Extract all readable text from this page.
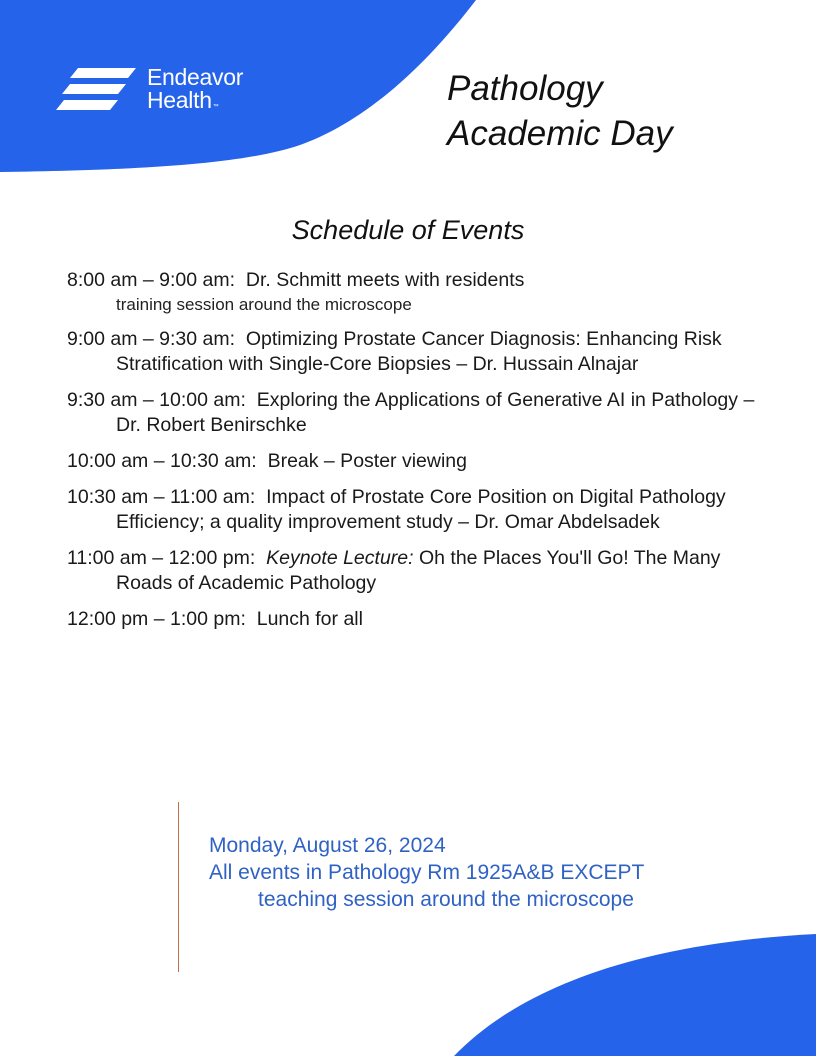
Endeavor
Health™	Pathology
Academic Day
Schedule of Events
8:00 am – 9:00 am: Dr. Schmitt meets with residents
training session around the microscope
9:00 am – 9:30 am: Optimizing Prostate Cancer Diagnosis: Enhancing Risk Stratification with Single-Core Biopsies – Dr. Hussain Alnajar
9:30 am – 10:00 am: Exploring the Applications of Generative AI in Pathology – Dr. Robert Benirschke
10:00 am – 10:30 am: Break – Poster viewing
10:30 am – 11:00 am: Impact of Prostate Core Position on Digital Pathology Efficiency; a quality improvement study – Dr. Omar Abdelsadek
11:00 am – 12:00 pm: Keynote Lecture: Oh the Places You'll Go! The Many Roads of Academic Pathology
12:00 pm – 1:00 pm: Lunch for all
Monday, August 26, 2024
All events in Pathology Rm 1925A&B EXCEPT
teaching session around the microscope
